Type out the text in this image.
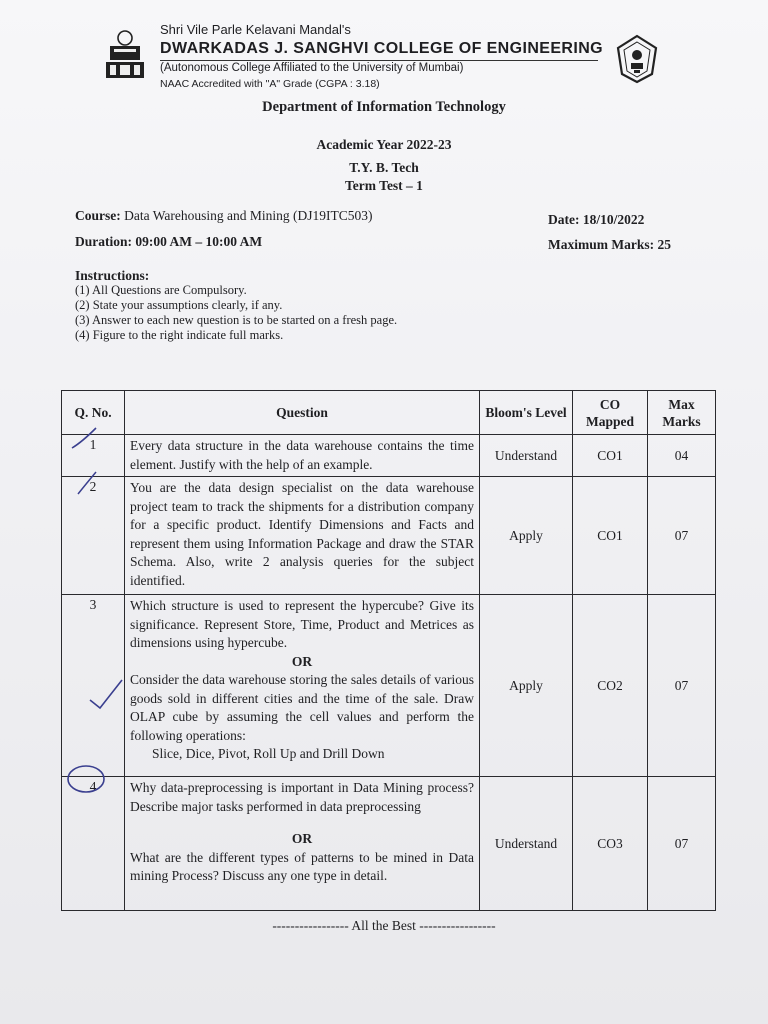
Shri Vile Parle Kelavani Mandal's
DWARKADAS J. SANGHVI COLLEGE OF ENGINEERING
(Autonomous College Affiliated to the University of Mumbai)
NAAC Accredited with "A" Grade (CGPA : 3.18)
Department of Information Technology
Academic Year 2022-23
T.Y. B. Tech
Term Test – 1
Course: Data Warehousing and Mining (DJ19ITC503)
Duration: 09:00 AM – 10:00 AM
Date: 18/10/2022
Maximum Marks: 25
Instructions:
(1) All Questions are Compulsory.
(2) State your assumptions clearly, if any.
(3) Answer to each new question is to be started on a fresh page.
(4) Figure to the right indicate full marks.
Q. No.	Question	Bloom's Level	CO Mapped	Max Marks
1	Every data structure in the data warehouse contains the time element. Justify with the help of an example.	Understand	CO1	04
2	You are the data design specialist on the data warehouse project team to track the shipments for a distribution company for a specific product. Identify Dimensions and Facts and represent them using Information Package and draw the STAR Schema. Also, write 2 analysis queries for the subject identified.	Apply	CO1	07
3	Which structure is used to represent the hypercube? Give its significance. Represent Store, Time, Product and Metrices as dimensions using hypercube.
OR
Consider the data warehouse storing the sales details of various goods sold in different cities and the time of the sale. Draw OLAP cube by assuming the cell values and perform the following operations:
Slice, Dice, Pivot, Roll Up and Drill Down	Apply	CO2	07
4	Why data-preprocessing is important in Data Mining process? Describe major tasks performed in data preprocessing
OR
What are the different types of patterns to be mined in Data mining Process? Discuss any one type in detail.	Understand	CO3	07
----------------- All the Best -----------------
